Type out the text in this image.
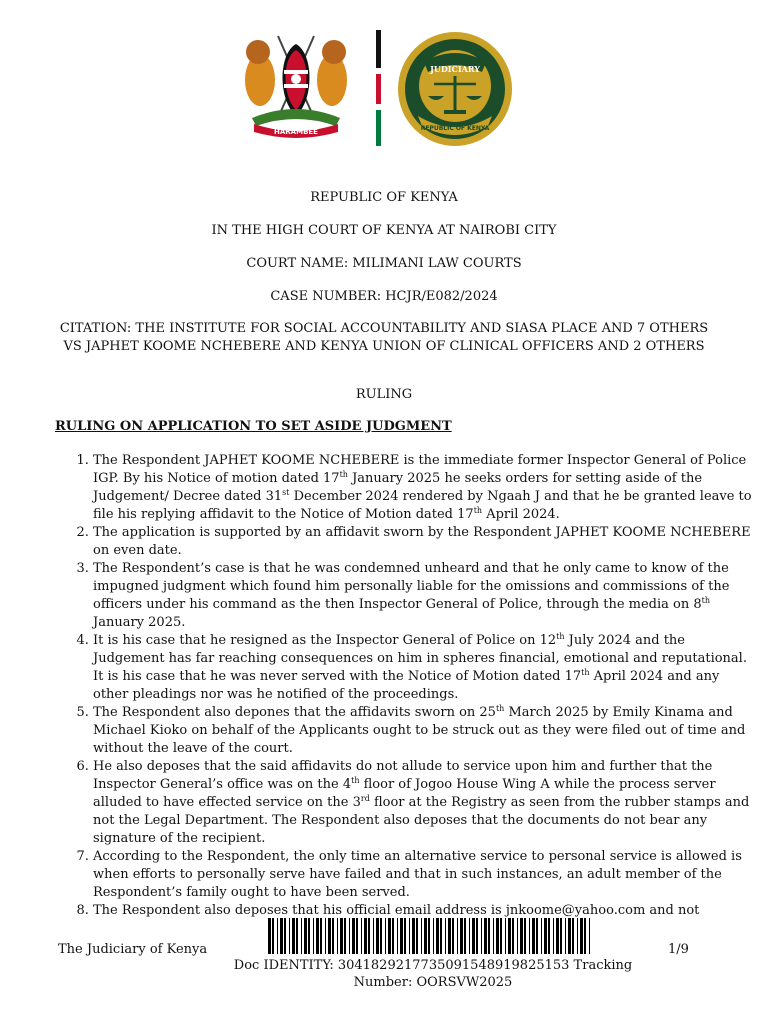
HARAMBEE
JUDICIARY
REPUBLIC OF KENYA
REPUBLIC OF KENYA
IN THE HIGH COURT OF KENYA AT NAIROBI CITY
COURT NAME: MILIMANI LAW COURTS
CASE NUMBER: HCJR/E082/2024
CITATION: THE INSTITUTE FOR SOCIAL ACCOUNTABILITY AND SIASA PLACE AND 7 OTHERS
VS JAPHET KOOME NCHEBERE AND KENYA UNION OF CLINICAL OFFICERS AND 2 OTHERS
RULING
RULING ON APPLICATION TO SET ASIDE JUDGMENT
1. The Respondent JAPHET KOOME NCHEBERE is the immediate former Inspector General of Police IGP. By his Notice of motion dated 17th January 2025 he seeks orders for setting aside of the Judgement/ Decree dated 31st December 2024 rendered by Ngaah J and that he be granted leave to file his replying affidavit to the Notice of Motion dated 17th April 2024.
2. The application is supported by an affidavit sworn by the Respondent JAPHET KOOME NCHEBERE on even date.
3. The Respondent’s case is that he was condemned unheard and that he only came to know of the impugned judgment which found him personally liable for the omissions and commissions of the officers under his command as the then Inspector General of Police, through the media on 8th January 2025.
4. It is his case that he resigned as the Inspector General of Police on 12th July 2024 and the Judgement has far reaching consequences on him in spheres financial, emotional and reputational. It is his case that he was never served with the Notice of Motion dated 17th April 2024 and any other pleadings nor was he notified of the proceedings.
5. The Respondent also depones that the affidavits sworn on 25th March 2025 by Emily Kinama and Michael Kioko on behalf of the Applicants ought to be struck out as they were filed out of time and without the leave of the court.
6. He also deposes that the said affidavits do not allude to service upon him and further that the Inspector General’s office was on the 4th floor of Jogoo House Wing A while the process server alluded to have effected service on the 3rd floor at the Registry as seen from the rubber stamps and not the Legal Department. The Respondent also deposes that the documents do not bear any signature of the recipient.
7. According to the Respondent, the only time an alternative service to personal service is allowed is when efforts to personally serve have failed and that in such instances, an adult member of the Respondent’s family ought to have been served.
8. The Respondent also deposes that his official email address is jnkoome@yahoo.com and not
The Judiciary of Kenya	1/9
Doc IDENTITY: 30418292177350915489198251​53 Tracking
Number: OORSVW2025
